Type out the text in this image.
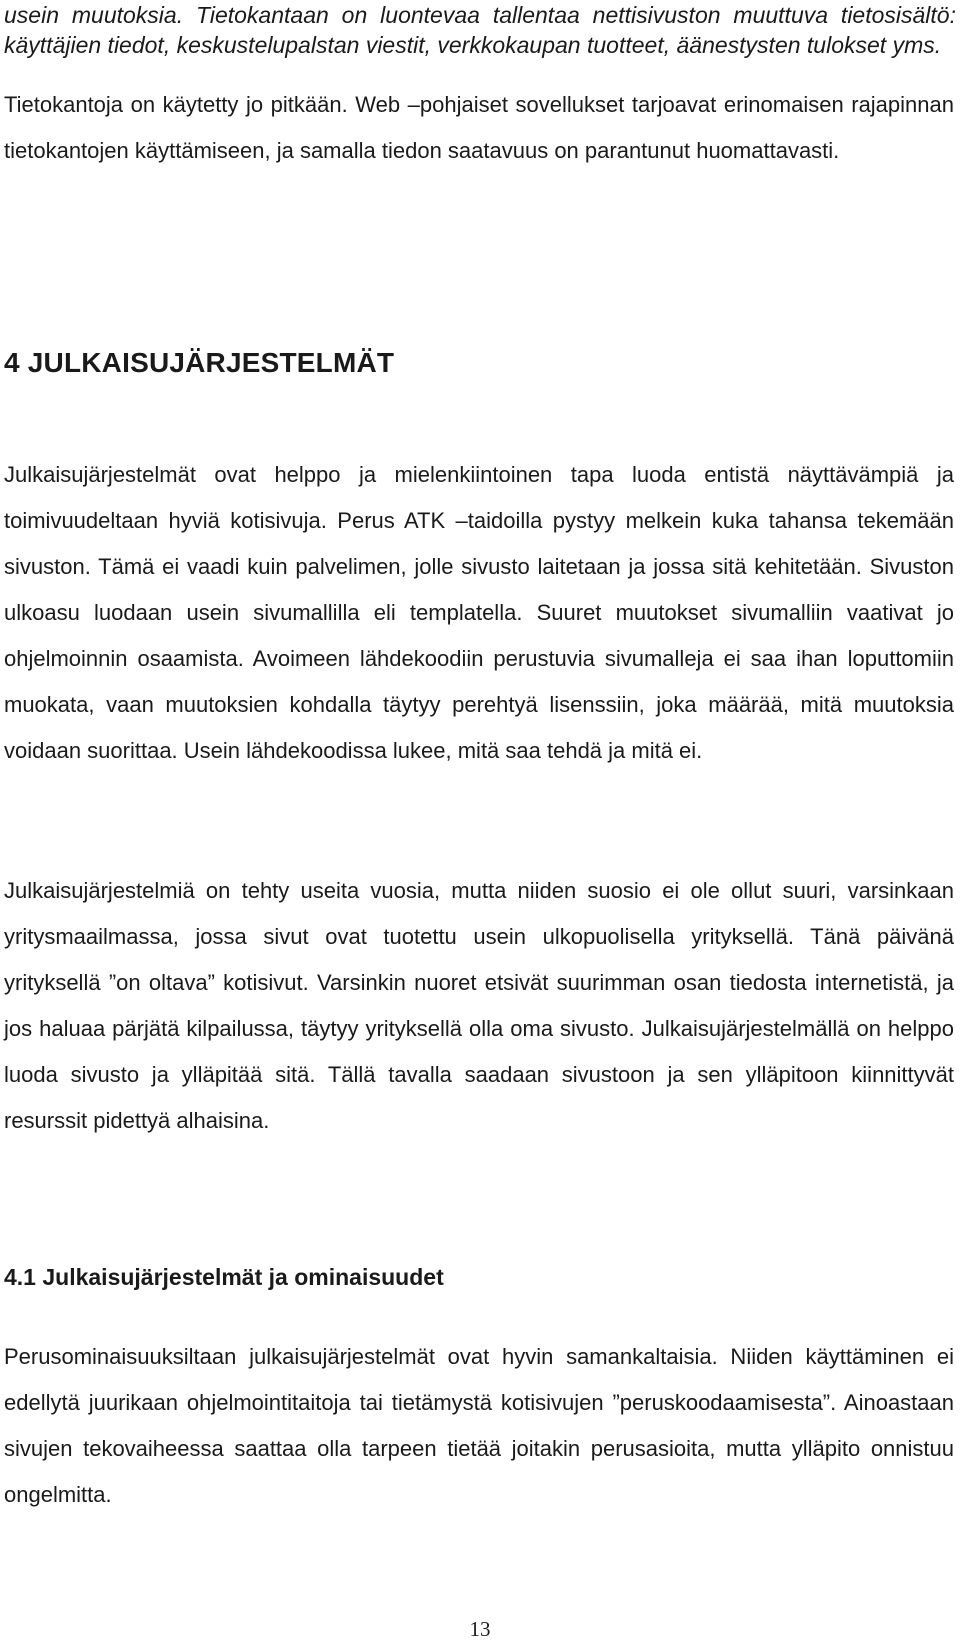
usein muutoksia. Tietokantaan on luontevaa tallentaa nettisivuston muuttuva tietosisältö: käyttäjien tiedot, keskustelupalstan viestit, verkkokaupan tuotteet, äänestysten tulokset yms.

Tietokantoja on käytetty jo pitkään. Web –pohjaiset sovellukset tarjoavat erinomaisen rajapinnan tietokantojen käyttämiseen, ja samalla tiedon saatavuus on parantunut huomattavasti.

4 JULKAISUJÄRJESTELMÄT

Julkaisujärjestelmät ovat helppo ja mielenkiintoinen tapa luoda entistä näyttävämpiä ja toimivuudeltaan hyviä kotisivuja. Perus ATK –taidoilla pystyy melkein kuka tahansa tekemään sivuston. Tämä ei vaadi kuin palvelimen, jolle sivusto laitetaan ja jossa sitä kehitetään. Sivuston ulkoasu luodaan usein sivumallilla eli templatella. Suuret muutokset sivumalliin vaativat jo ohjelmoinnin osaamista. Avoimeen lähdekoodiin perustuvia sivumalleja ei saa ihan loputtomiin muokata, vaan muutoksien kohdalla täytyy perehtyä lisenssiin, joka määrää, mitä muutoksia voidaan suorittaa. Usein lähdekoodissa lukee, mitä saa tehdä ja mitä ei.

Julkaisujärjestelmiä on tehty useita vuosia, mutta niiden suosio ei ole ollut suuri, varsinkaan yritysmaailmassa, jossa sivut ovat tuotettu usein ulkopuolisella yrityksellä. Tänä päivänä yrityksellä ”on oltava” kotisivut. Varsinkin nuoret etsivät suurimman osan tiedosta internetistä, ja jos haluaa pärjätä kilpailussa, täytyy yrityksellä olla oma sivusto. Julkaisujärjestelmällä on helppo luoda sivusto ja ylläpitää sitä. Tällä tavalla saadaan sivustoon ja sen ylläpitoon kiinnittyvät resurssit pidettyä alhaisina.

4.1 Julkaisujärjestelmät ja ominaisuudet

Perusominaisuuksiltaan julkaisujärjestelmät ovat hyvin samankaltaisia. Niiden käyttäminen ei edellytä juurikaan ohjelmointitaitoja tai tietämystä kotisivujen ”peruskoodaamisesta”. Ainoastaan sivujen tekovaiheessa saattaa olla tarpeen tietää joitakin perusasioita, mutta ylläpito onnistuu ongelmitta.

13
